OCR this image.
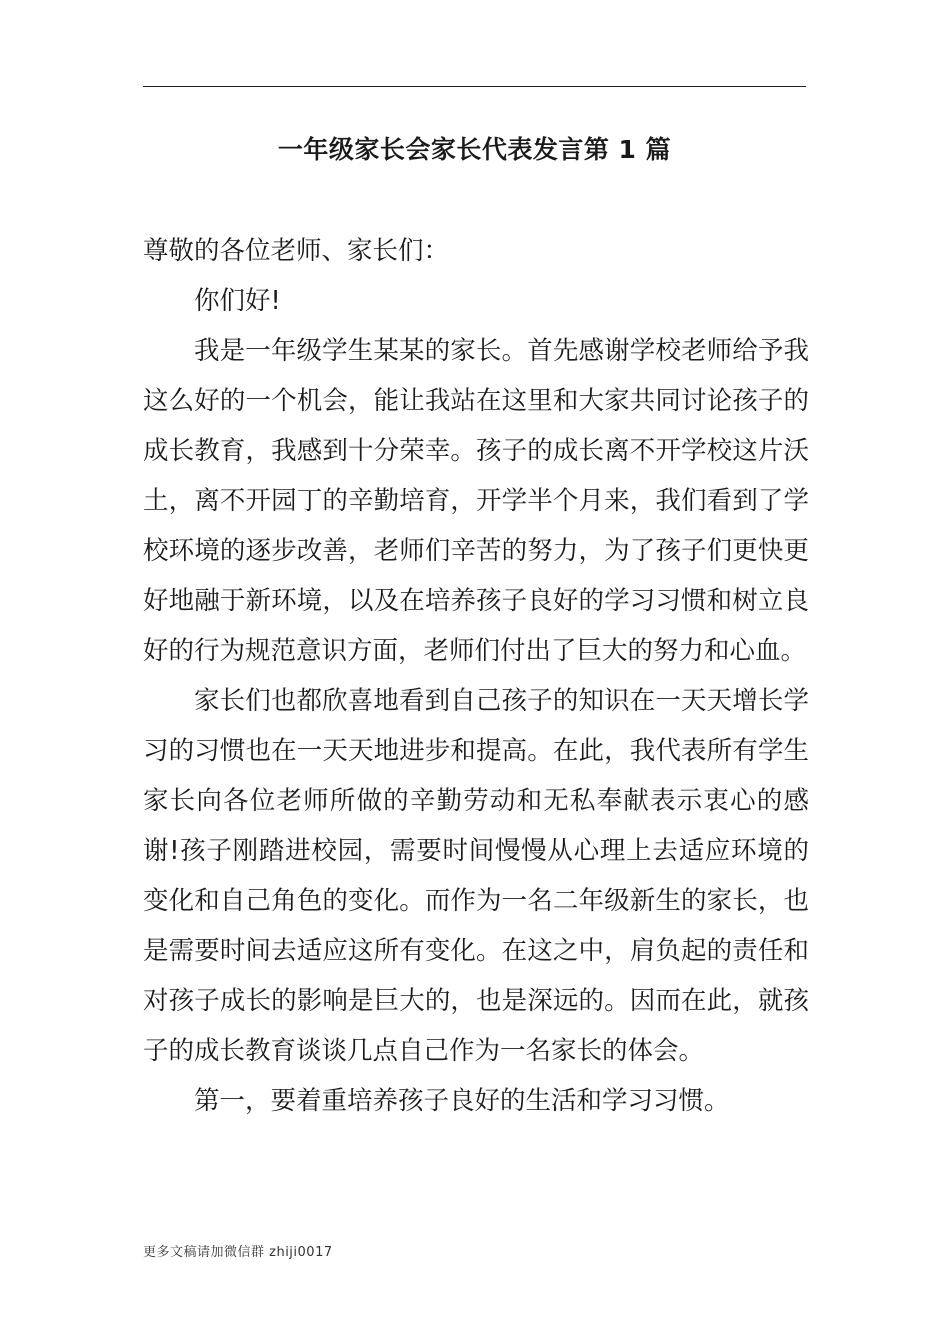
一年级家长会家长代表发言第 1 篇

尊敬的各位老师、家长们：

你们好!

我是一年级学生某某的家长。首先感谢学校老师给予我这么好的一个机会，能让我站在这里和大家共同讨论孩子的成长教育，我感到十分荣幸。孩子的成长离不开学校这片沃土，离不开园丁的辛勤培育，开学半个月来，我们看到了学校环境的逐步改善，老师们辛苦的努力，为了孩子们更快更好地融于新环境，以及在培养孩子良好的学习习惯和树立良好的行为规范意识方面，老师们付出了巨大的努力和心血。

家长们也都欣喜地看到自己孩子的知识在一天天增长学习的习惯也在一天天地进步和提高。在此，我代表所有学生家长向各位老师所做的辛勤劳动和无私奉献表示衷心的感谢!孩子刚踏进校园，需要时间慢慢从心理上去适应环境的变化和自己角色的变化。而作为一名二年级新生的家长，也是需要时间去适应这所有变化。在这之中，肩负起的责任和对孩子成长的影响是巨大的，也是深远的。因而在此，就孩子的成长教育谈谈几点自己作为一名家长的体会。

第一，要着重培养孩子良好的生活和学习习惯。

更多文稿请加微信群 zhiji0017
